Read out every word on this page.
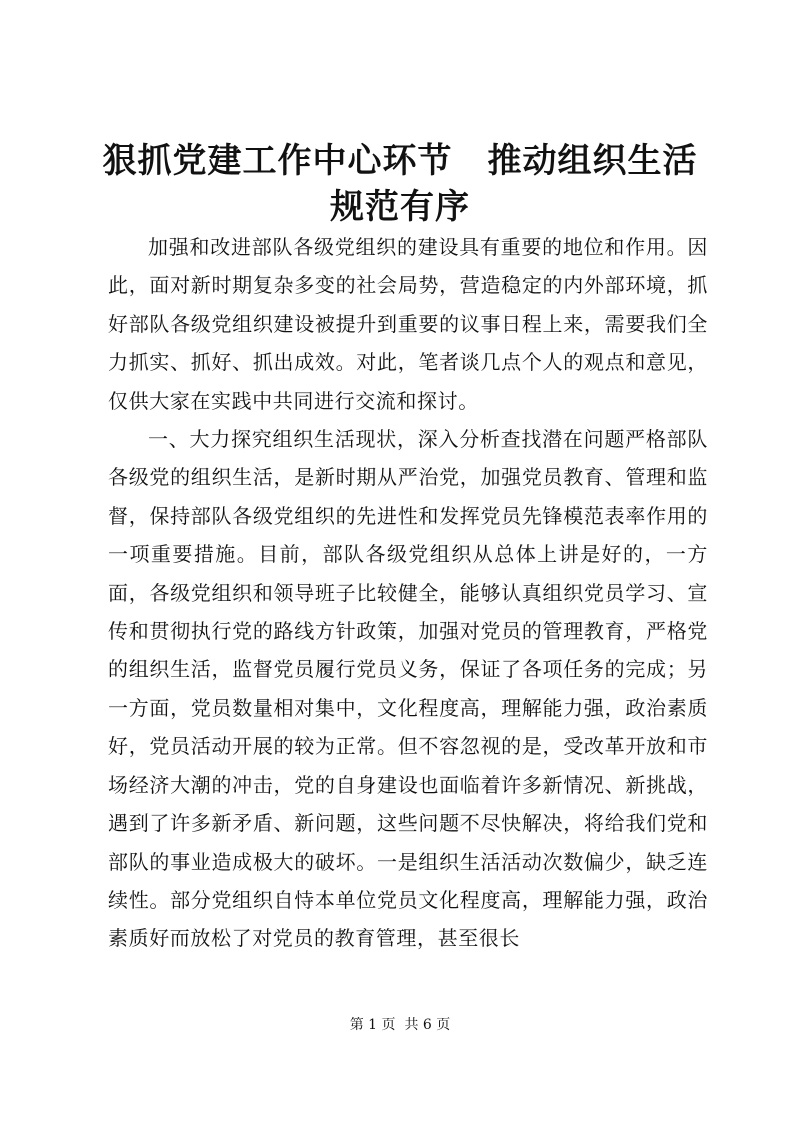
狠抓党建工作中心环节　推动组织生活规范有序

加强和改进部队各级党组织的建设具有重要的地位和作用。因此，面对新时期复杂多变的社会局势，营造稳定的内外部环境，抓好部队各级党组织建设被提升到重要的议事日程上来，需要我们全力抓实、抓好、抓出成效。对此，笔者谈几点个人的观点和意见，仅供大家在实践中共同进行交流和探讨。

一、大力探究组织生活现状，深入分析查找潜在问题严格部队各级党的组织生活，是新时期从严治党，加强党员教育、管理和监督，保持部队各级党组织的先进性和发挥党员先锋模范表率作用的一项重要措施。目前，部队各级党组织从总体上讲是好的，一方面，各级党组织和领导班子比较健全，能够认真组织党员学习、宣传和贯彻执行党的路线方针政策，加强对党员的管理教育，严格党的组织生活，监督党员履行党员义务，保证了各项任务的完成；另一方面，党员数量相对集中，文化程度高，理解能力强，政治素质好，党员活动开展的较为正常。但不容忽视的是，受改革开放和市场经济大潮的冲击，党的自身建设也面临着许多新情况、新挑战，遇到了许多新矛盾、新问题，这些问题不尽快解决，将给我们党和部队的事业造成极大的破坏。一是组织生活活动次数偏少，缺乏连续性。部分党组织自恃本单位党员文化程度高，理解能力强，政治素质好而放松了对党员的教育管理，甚至很长

第 1 页  共 6 页
